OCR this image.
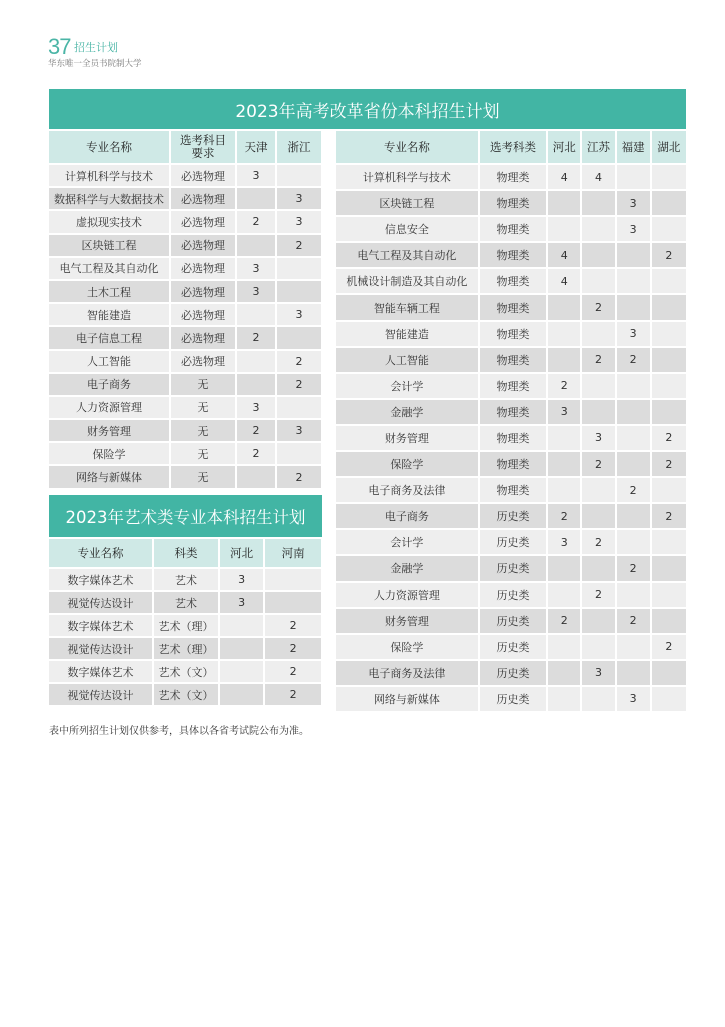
37 招生计划
华东唯一全员书院制大学
2023年高考改革省份本科招生计划
专业名称	选考科目要求	天津	浙江
计算机科学与技术	必选物理	3	
数据科学与大数据技术	必选物理		3
虚拟现实技术	必选物理	2	3
区块链工程	必选物理		2
电气工程及其自动化	必选物理	3	
土木工程	必选物理	3	
智能建造	必选物理		3
电子信息工程	必选物理	2	
人工智能	必选物理		2
电子商务	无		2
人力资源管理	无	3	
财务管理	无	2	3
保险学	无	2	
网络与新媒体	无		2
专业名称	选考科类	河北	江苏	福建	湖北
计算机科学与技术	物理类	4	4		
区块链工程	物理类			3	
信息安全	物理类			3	
电气工程及其自动化	物理类	4			2
机械设计制造及其自动化	物理类	4			
智能车辆工程	物理类		2		
智能建造	物理类			3	
人工智能	物理类		2	2	
会计学	物理类	2			
金融学	物理类	3			
财务管理	物理类		3		2
保险学	物理类		2		2
电子商务及法律	物理类			2	
电子商务	历史类	2			2
会计学	历史类	3	2		
金融学	历史类			2	
人力资源管理	历史类		2		
财务管理	历史类	2		2	
保险学	历史类				2
电子商务及法律	历史类		3		
网络与新媒体	历史类			3	
2023年艺术类专业本科招生计划
专业名称	科类	河北	河南
数字媒体艺术	艺术	3	
视觉传达设计	艺术	3	
数字媒体艺术	艺术（理）		2
视觉传达设计	艺术（理）		2
数字媒体艺术	艺术（文）		2
视觉传达设计	艺术（文）		2
表中所列招生计划仅供参考，具体以各省考试院公布为准。
